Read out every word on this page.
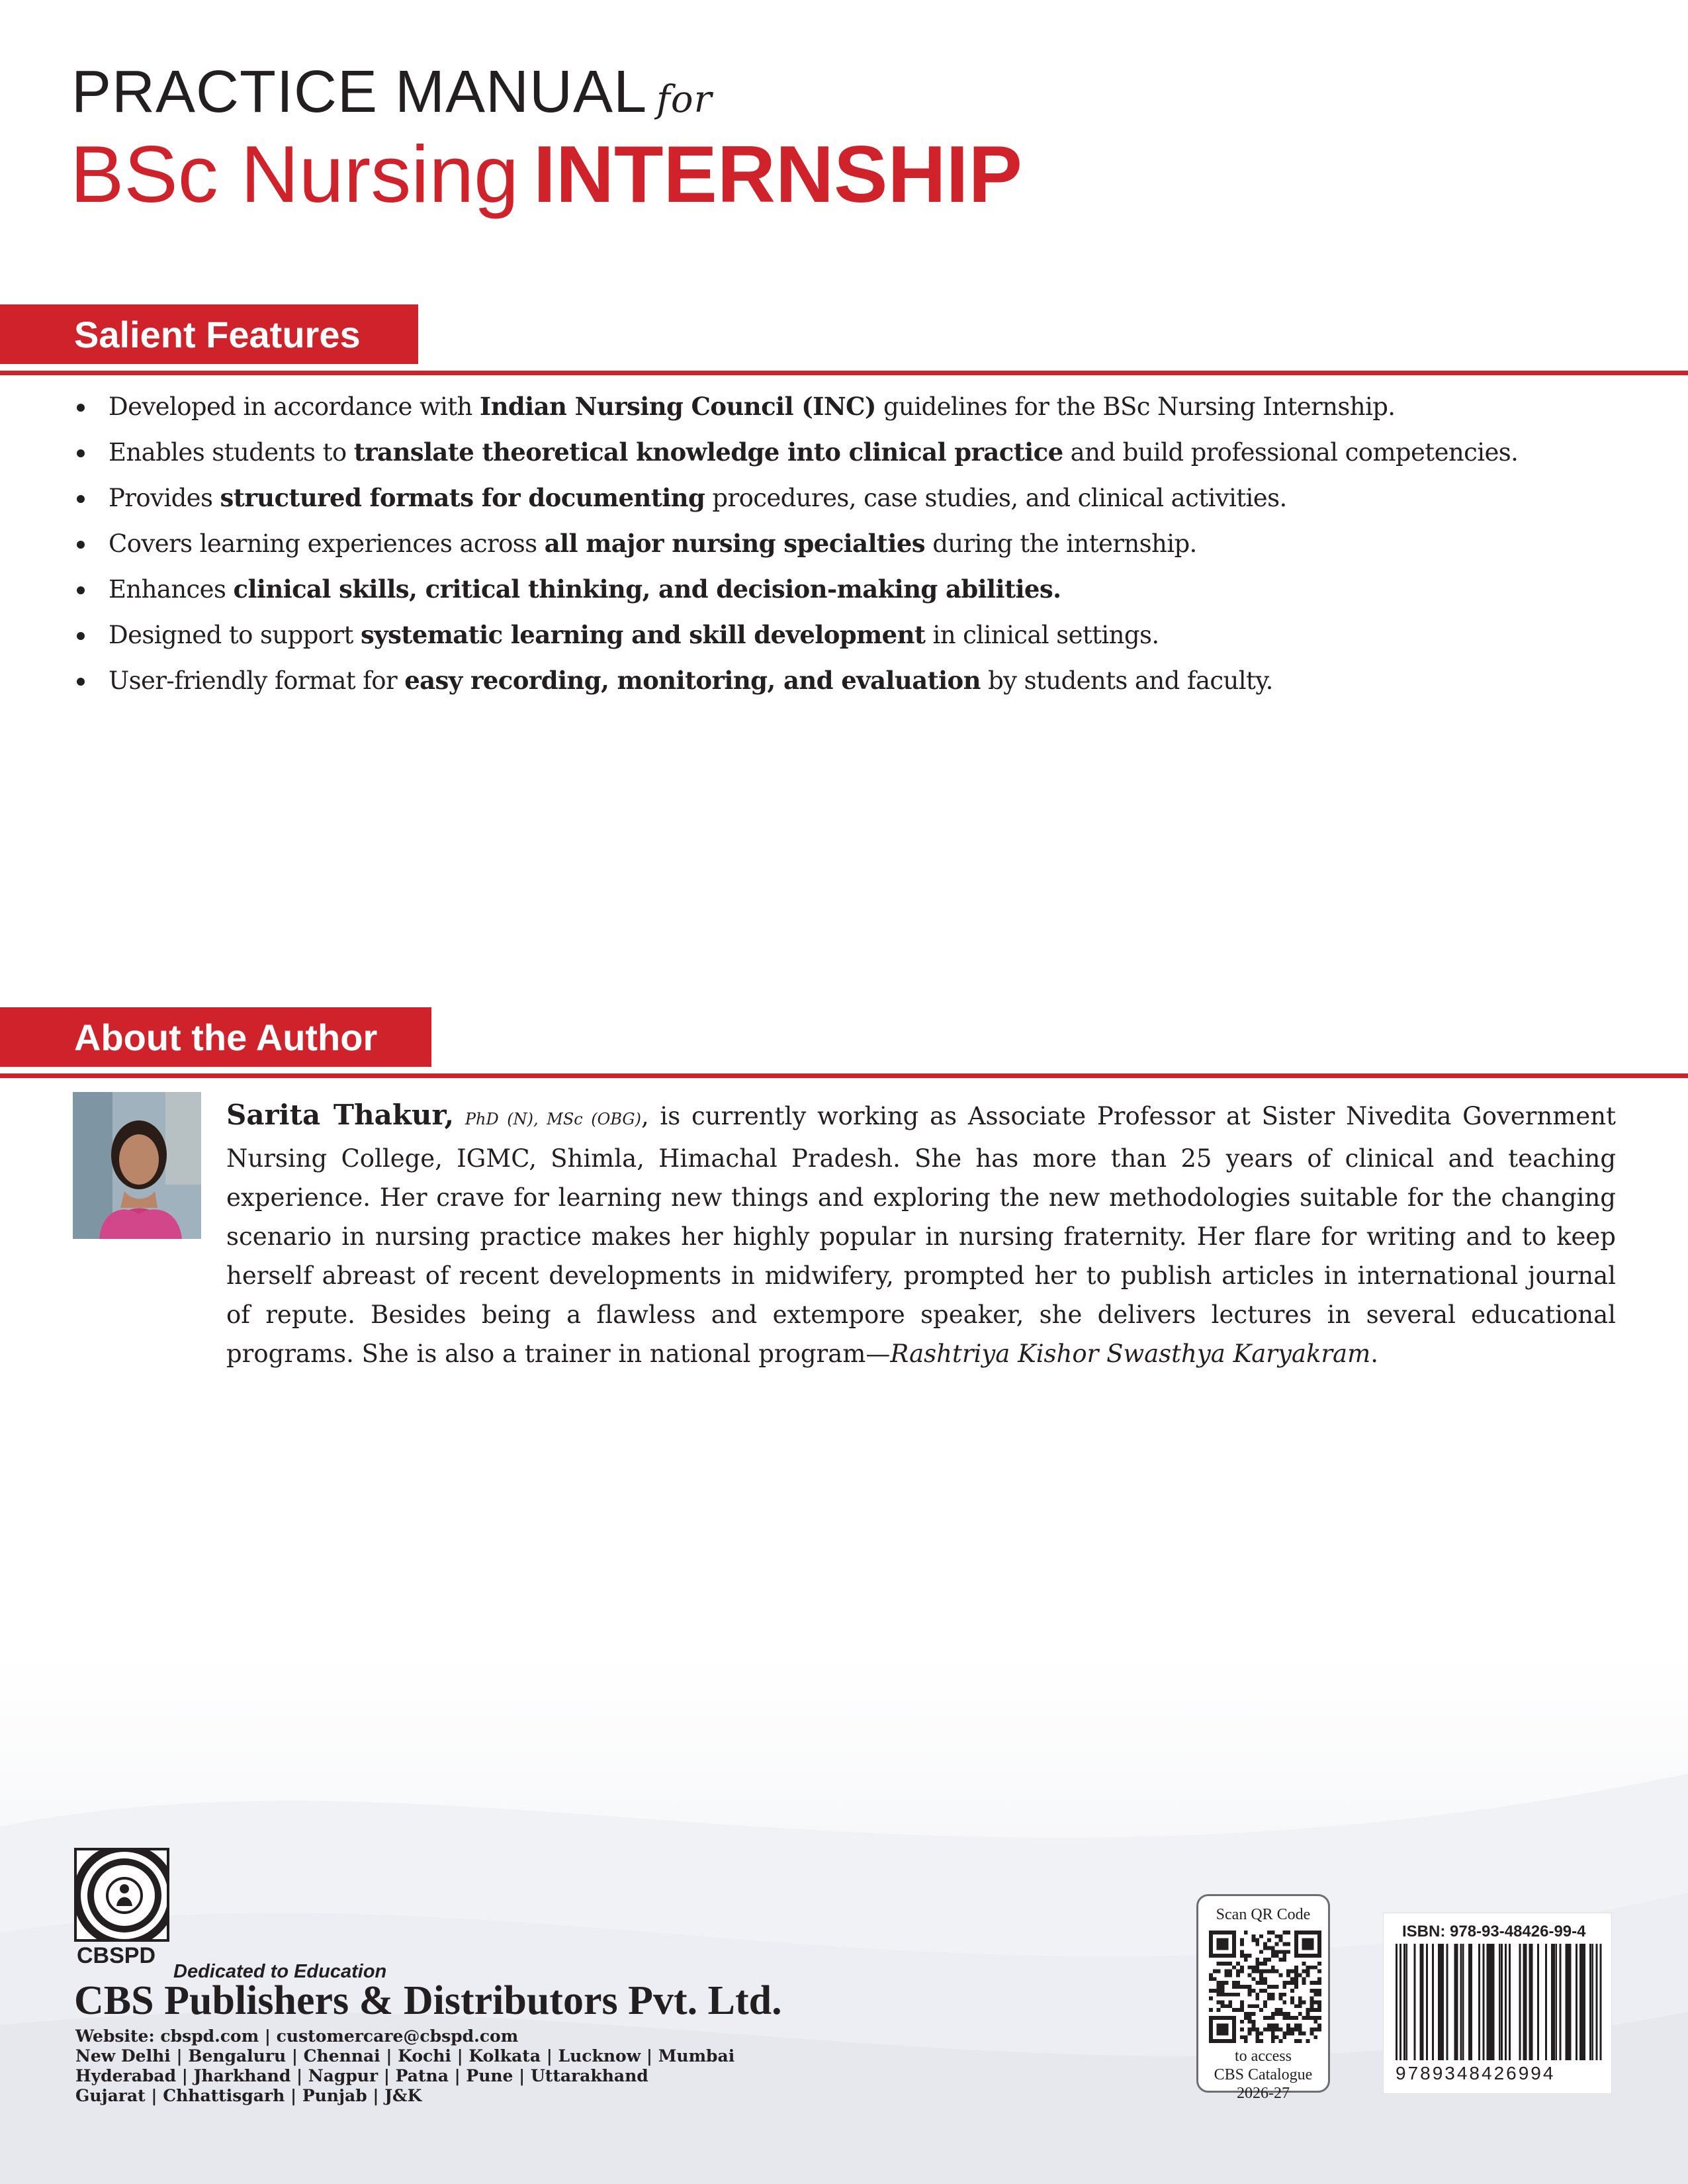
PRACTICE MANUAL for
BSc Nursing INTERNSHIP
Salient Features
Developed in accordance with Indian Nursing Council (INC) guidelines for the BSc Nursing Internship.
Enables students to translate theoretical knowledge into clinical practice and build professional competencies.
Provides structured formats for documenting procedures, case studies, and clinical activities.
Covers learning experiences across all major nursing specialties during the internship.
Enhances clinical skills, critical thinking, and decision-making abilities.
Designed to support systematic learning and skill development in clinical settings.
User-friendly format for easy recording, monitoring, and evaluation by students and faculty.
About the Author

Sarita Thakur, PhD (N), MSc (OBG), is currently working as Associate Professor at Sister Nivedita Government Nursing College, IGMC, Shimla, Himachal Pradesh. She has more than 25 years of clinical and teaching experience. Her crave for learning new things and exploring the new methodologies suitable for the changing scenario in nursing practice makes her highly popular in nursing fraternity. Her flare for writing and to keep herself abreast of recent developments in midwifery, prompted her to publish articles in international journal of repute. Besides being a flawless and extempore speaker, she delivers lectures in several educational programs. She is also a trainer in national program—Rashtriya Kishor Swasthya Karyakram.

CBSPD
Dedicated to Education
CBS Publishers & Distributors Pvt. Ltd.
Website: cbspd.com | customercare@cbspd.com
New Delhi | Bengaluru | Chennai | Kochi | Kolkata | Lucknow | Mumbai
Hyderabad | Jharkhand | Nagpur | Patna | Pune | Uttarakhand
Gujarat | Chhattisgarh | Punjab | J&K
Scan QR Code
to access
CBS Catalogue
2026-27
ISBN: 978-93-48426-99-4
9789348426994
